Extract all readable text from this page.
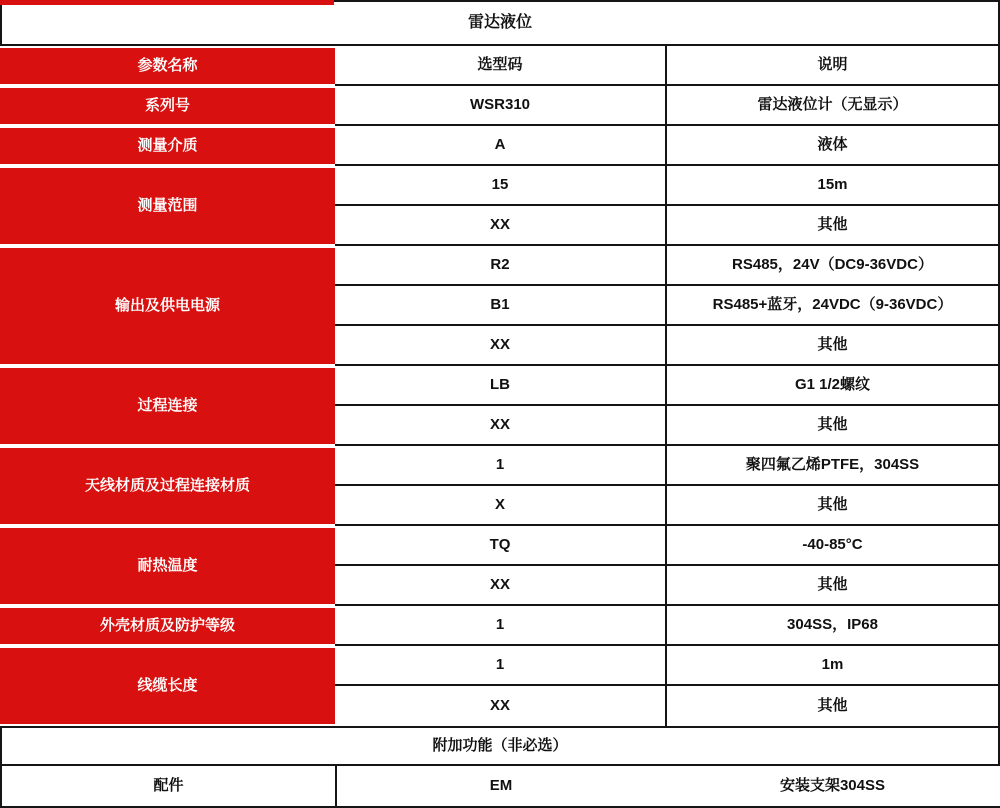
雷达液位
参数名称	选型码	说明
系列号	WSR310	雷达液位计（无显示）
测量介质	A	液体
测量范围
15	15m
XX	其他
输出及供电电源
R2	RS485，24V（DC9-36VDC）
B1	RS485+蓝牙，24VDC（9-36VDC）
XX	其他
过程连接
LB	G1 1/2螺纹
XX	其他
天线材质及过程连接材质
1	聚四氟乙烯PTFE，304SS
X	其他
耐热温度
TQ	-40-85°C
XX	其他
外壳材质及防护等级	1	304SS，IP68
线缆长度
1	1m
XX	其他
附加功能（非必选）
配件	EM	安装支架304SS
